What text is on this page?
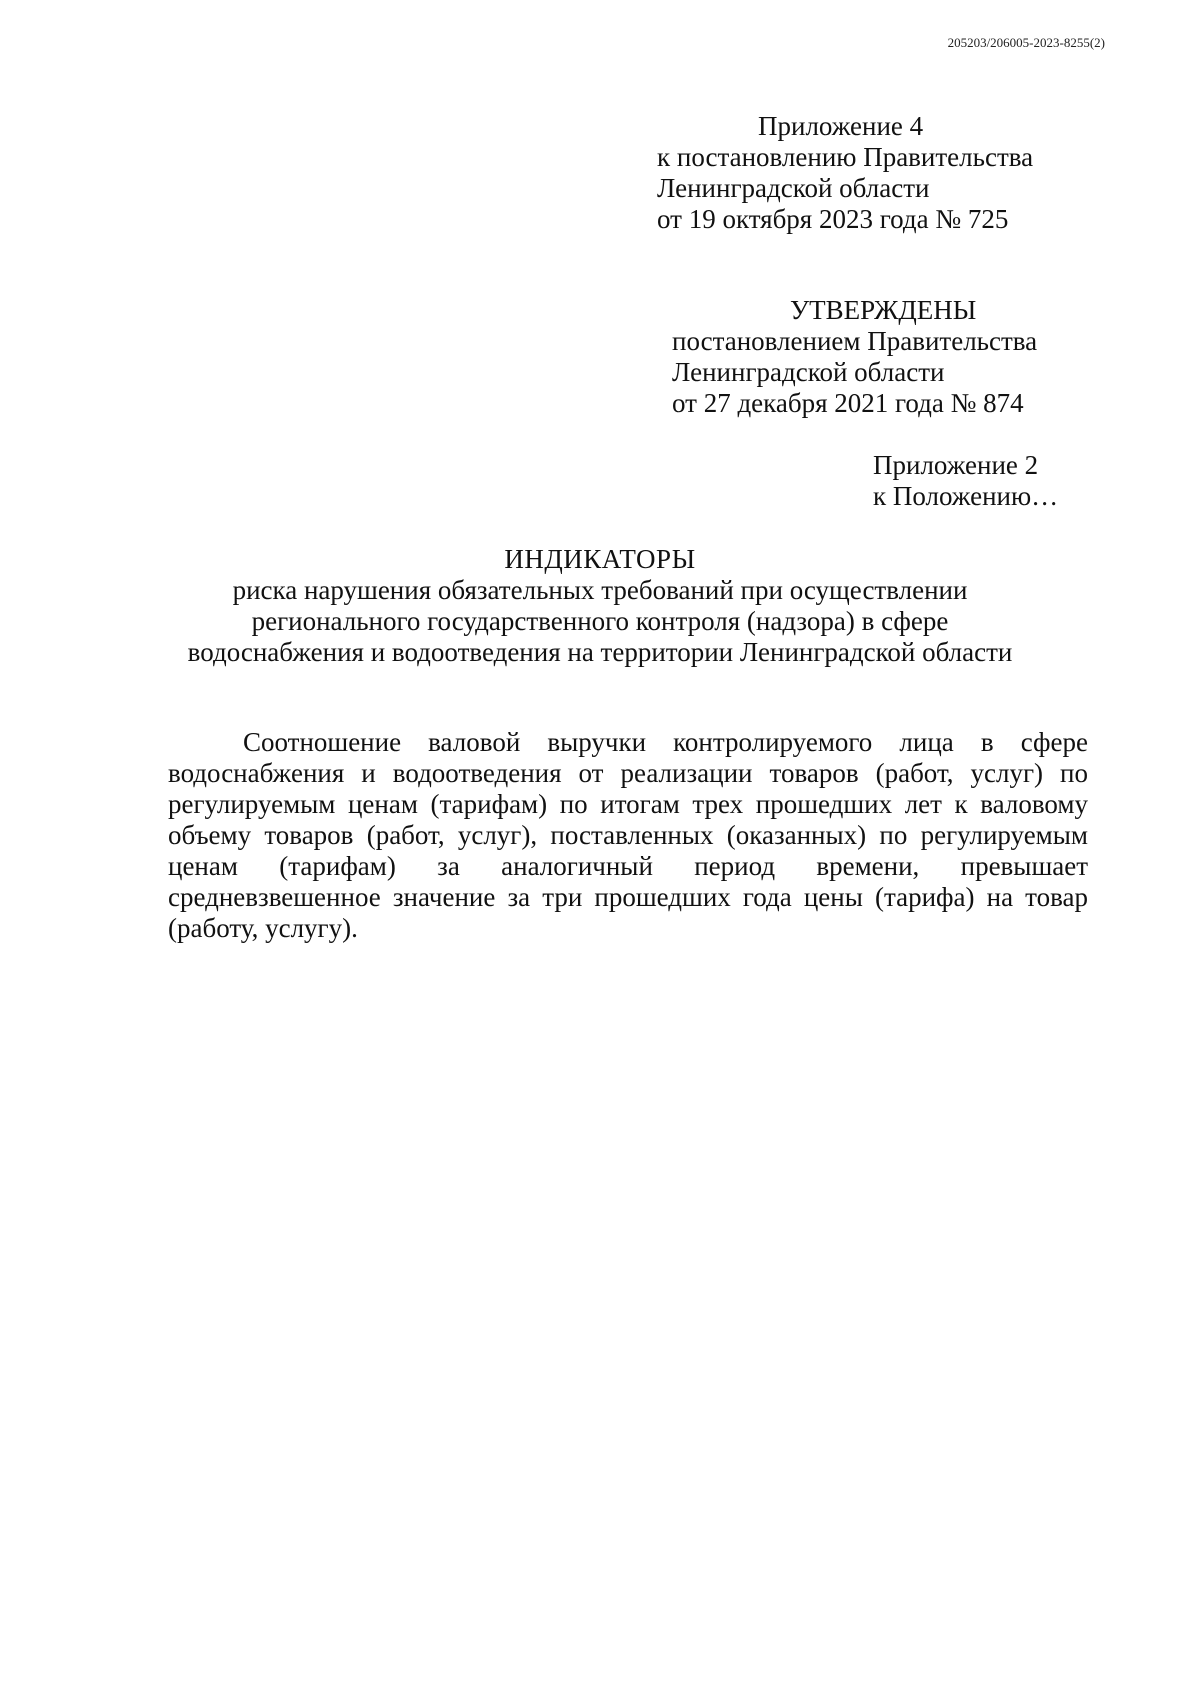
205203/206005-2023-8255(2)
Приложение 4
к постановлению Правительства
Ленинградской области
от 19 октября 2023 года № 725
УТВЕРЖДЕНЫ
постановлением Правительства
Ленинградской области
от 27 декабря 2021 года № 874
Приложение 2
к Положению…
ИНДИКАТОРЫ
риска нарушения обязательных требований при осуществлении
регионального государственного контроля (надзора) в сфере
водоснабжения и водоотведения на территории Ленинградской области

Соотношение валовой выручки контролируемого лица в сфере водоснабжения и водоотведения от реализации товаров (работ, услуг) по регулируемым ценам (тарифам) по итогам трех прошедших лет к валовому объему товаров (работ, услуг), поставленных (оказанных) по регулируемым ценам (тарифам) за аналогичный период времени, превышает средневзвешенное значение за три прошедших года цены (тарифа) на товар (работу, услугу).
